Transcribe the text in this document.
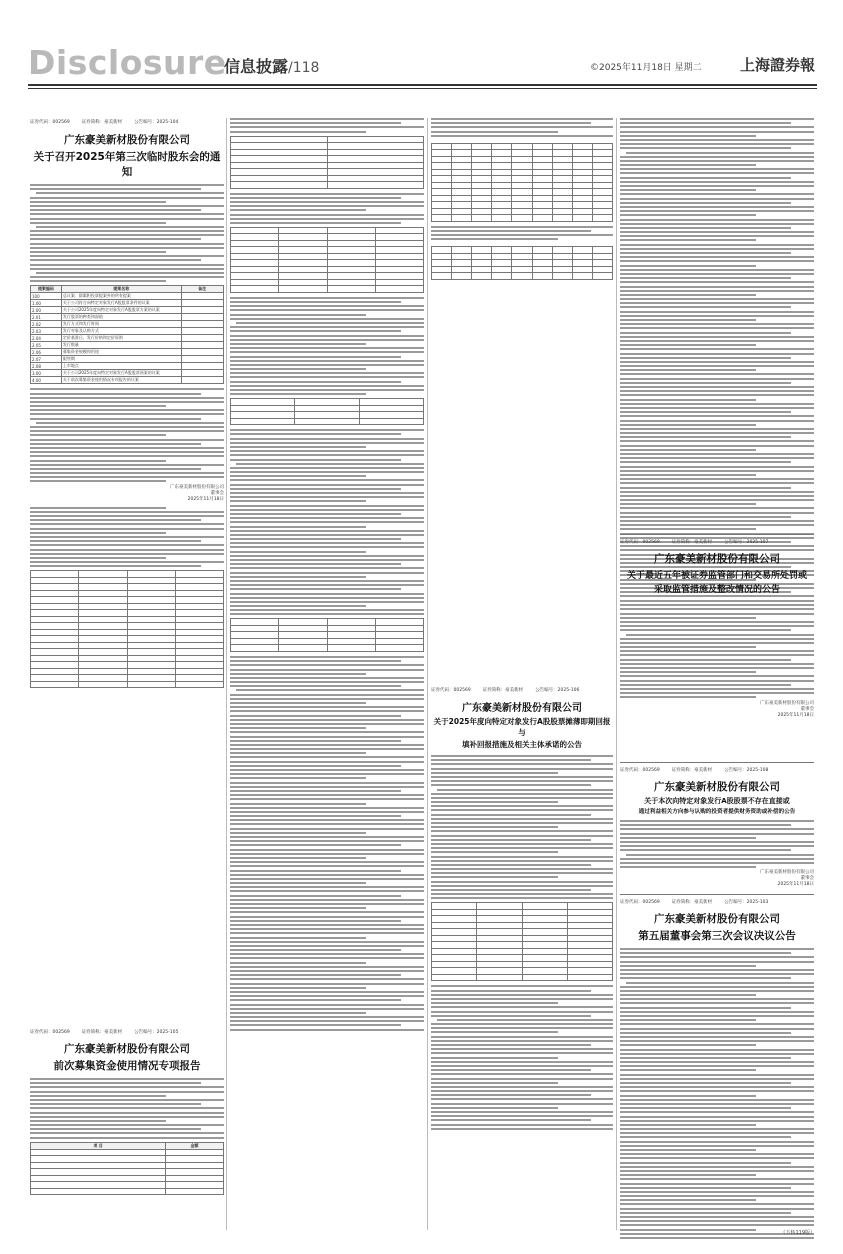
Disclosure
信息披露/118	©2025年11月18日 星期二	上海證券報
证券代码：002569	证券简称：豪美新材	公告编号：2025-104
广东豪美新材股份有限公司
关于召开2025年第三次临时股东会的通知
提案编码	提案名称	备注
100	总议案：除累积投票提案外的所有提案	
1.00	关于公司符合向特定对象发行A股股票条件的议案	
2.00	关于公司2025年度向特定对象发行A股股票方案的议案	
2.01	发行股票的种类和面值	
2.02	发行方式和发行时间	
2.03	发行对象及认购方式	
2.04	定价基准日、发行价格和定价原则	
2.05	发行数量	
2.06	募集资金规模和用途	
2.07	限售期	
2.08	上市地点	
3.00	关于公司2025年度向特定对象发行A股股票预案的议案	
4.00	关于前次募集资金使用情况专项报告的议案	
广东豪美新材股份有限公司
董事会
2025年11月18日

证券代码：002569	证券简称：豪美新材	公告编号：2025-105
广东豪美新材股份有限公司
前次募集资金使用情况专项报告
项 目	金额

证券代码：002569	证券简称：豪美新材	公告编号：2025-106
广东豪美新材股份有限公司
关于2025年度向特定对象发行A股股票摊薄即期回报与
填补回报措施及相关主体承诺的公告

证券代码：002569	证券简称：豪美新材	公告编号：2025-107
广东豪美新材股份有限公司
关于最近五年被证券监管部门和交易所处罚或
采取监管措施及整改情况的公告
广东豪美新材股份有限公司
董事会
2025年11月18日
证券代码：002569	证券简称：豪美新材	公告编号：2025-108
广东豪美新材股份有限公司
关于本次向特定对象发行A股股票不存在直接或
通过利益相关方向参与认购的投资者提供财务资助或补偿的公告
广东豪美新材股份有限公司
董事会
2025年11月18日
证券代码：002569	证券简称：豪美新材	公告编号：2025-103
广东豪美新材股份有限公司
第五届董事会第三次会议决议公告
（下转119版）
